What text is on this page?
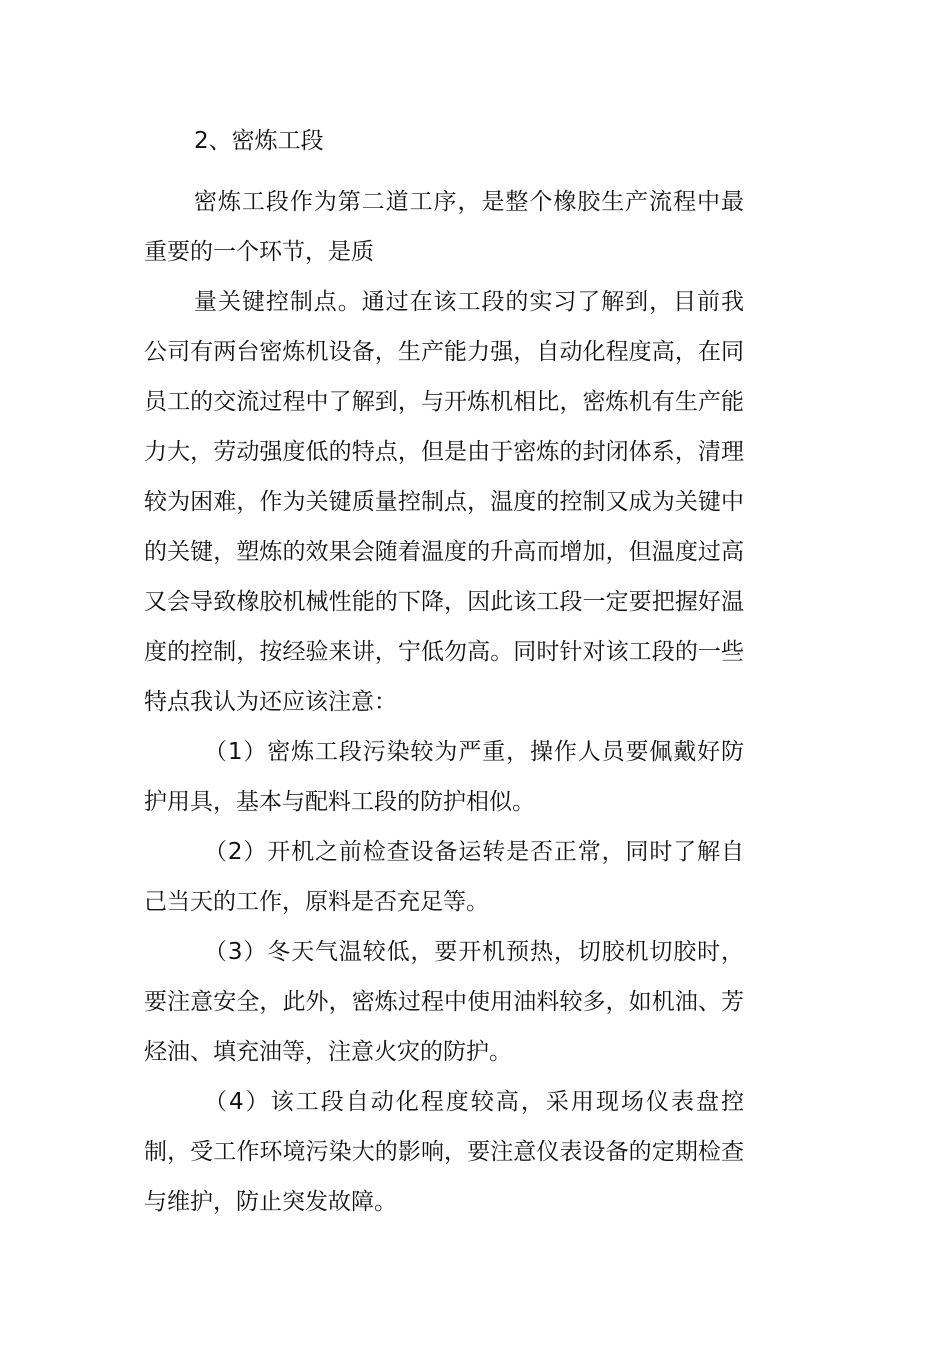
2、密炼工段

密炼工段作为第二道工序，是整个橡胶生产流程中最重要的一个环节，是质

量关键控制点。通过在该工段的实习了解到，目前我公司有两台密炼机设备，生产能力强，自动化程度高，在同员工的交流过程中了解到，与开炼机相比，密炼机有生产能力大，劳动强度低的特点，但是由于密炼的封闭体系，清理较为困难，作为关键质量控制点，温度的控制又成为关键中的关键，塑炼的效果会随着温度的升高而增加，但温度过高又会导致橡胶机械性能的下降，因此该工段一定要把握好温度的控制，按经验来讲，宁低勿高。同时针对该工段的一些特点我认为还应该注意：

（1）密炼工段污染较为严重，操作人员要佩戴好防护用具，基本与配料工段的防护相似。

（2）开机之前检查设备运转是否正常，同时了解自己当天的工作，原料是否充足等。

（3）冬天气温较低，要开机预热，切胶机切胶时，要注意安全，此外，密炼过程中使用油料较多，如机油、芳烃油、填充油等，注意火灾的防护。

（4）该工段自动化程度较高，采用现场仪表盘控制，受工作环境污染大的影响，要注意仪表设备的定期检查与维护，防止突发故障。
